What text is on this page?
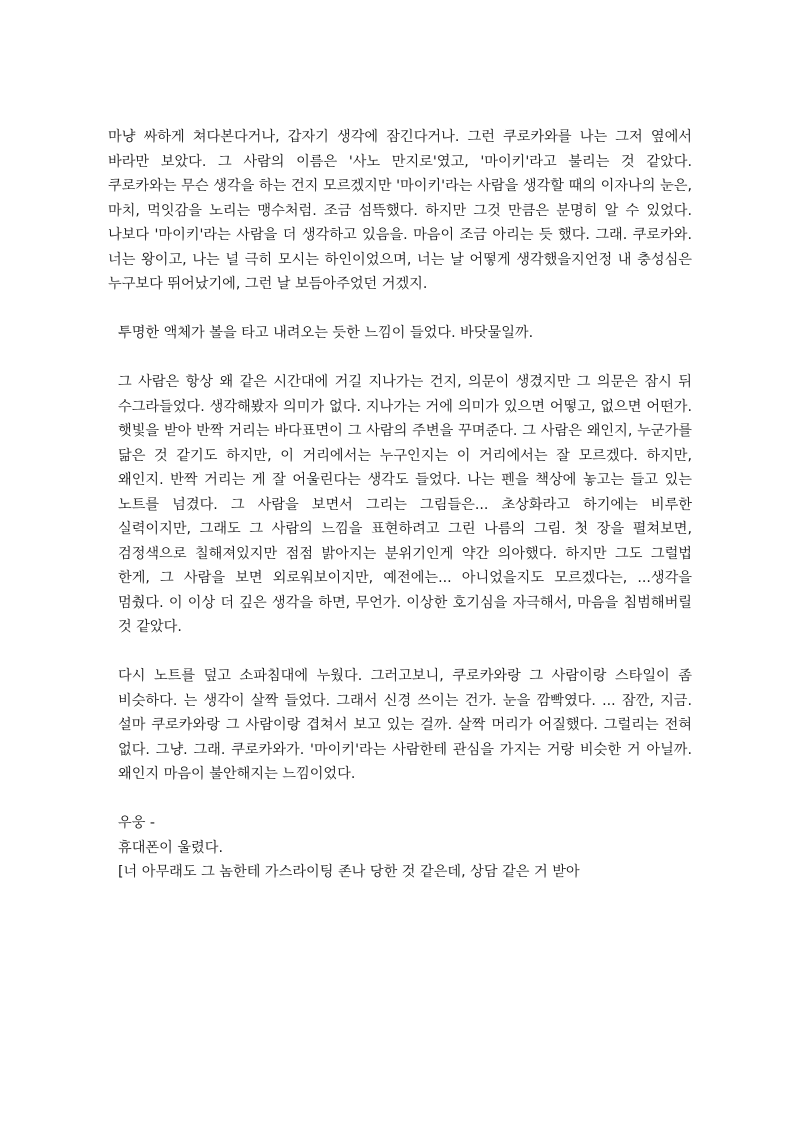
마냥 싸하게 쳐다본다거나, 갑자기 생각에 잠긴다거나. 그런 쿠로카와를 나는 그저 옆에서 바라만 보았다. 그 사람의 이름은 '사노 만지로'였고, '마이키'라고 불리는 것 같았다. 쿠로카와는 무슨 생각을 하는 건지 모르겠지만 '마이키'라는 사람을 생각할 때의 이자나의 눈은, 마치, 먹잇감을 노리는 맹수처럼. 조금 섬뜩했다. 하지만 그것 만큼은 분명히 알 수 있었다. 나보다 '마이키'라는 사람을 더 생각하고 있음을. 마음이 조금 아리는 듯 했다. 그래. 쿠로카와. 너는 왕이고, 나는 널 극히 모시는 하인이었으며, 너는 날 어떻게 생각했을지언정 내 충성심은 누구보다 뛰어났기에, 그런 날 보듬아주었던 거겠지.

투명한 액체가 볼을 타고 내려오는 듯한 느낌이 들었다. 바닷물일까.

그 사람은 항상 왜 같은 시간대에 거길 지나가는 건지, 의문이 생겼지만 그 의문은 잠시 뒤 수그라들었다. 생각해봤자 의미가 없다. 지나가는 거에 의미가 있으면 어떻고, 없으면 어떤가. 햇빛을 받아 반짝 거리는 바다표면이 그 사람의 주변을 꾸며준다. 그 사람은 왜인지, 누군가를 닮은 것 같기도 하지만, 이 거리에서는 누구인지는 이 거리에서는 잘 모르겠다. 하지만, 왜인지. 반짝 거리는 게 잘 어울린다는 생각도 들었다. 나는 펜을 책상에 놓고는 들고 있는 노트를 넘겼다. 그 사람을 보면서 그리는 그림들은... 초상화라고 하기에는 비루한 실력이지만, 그래도 그 사람의 느낌을 표현하려고 그린 나름의 그림. 첫 장을 펼쳐보면, 검정색으로 칠해져있지만 점점 밝아지는 분위기인게 약간 의아했다. 하지만 그도 그럴법 한게, 그 사람을 보면 외로워보이지만, 예전에는... 아니었을지도 모르겠다는, ...생각을 멈췄다. 이 이상 더 깊은 생각을 하면, 무언가. 이상한 호기심을 자극해서, 마음을 침범해버릴 것 같았다.

다시 노트를 덮고 소파침대에 누웠다. 그러고보니, 쿠로카와랑 그 사람이랑 스타일이 좀 비슷하다. 는 생각이 살짝 들었다. 그래서 신경 쓰이는 건가. 눈을 깜빡였다. ... 잠깐, 지금. 설마 쿠로카와랑 그 사람이랑 겹쳐서 보고 있는 걸까. 살짝 머리가 어질했다. 그럴리는 전혀 없다. 그냥. 그래. 쿠로카와가. '마이키'라는 사람한테 관심을 가지는 거랑 비슷한 거 아닐까. 왜인지 마음이 불안해지는 느낌이었다.

우웅 -

휴대폰이 울렸다.

[너 아무래도 그 놈한테 가스라이팅 존나 당한 것 같은데, 상담 같은 거 받아
